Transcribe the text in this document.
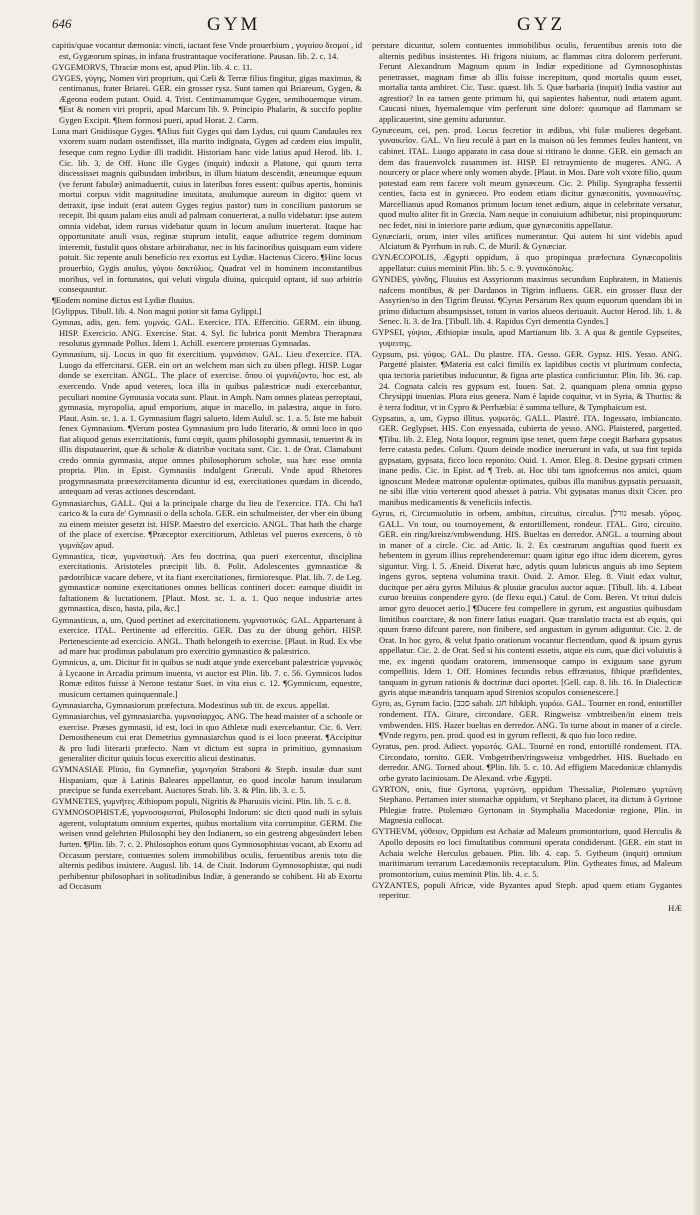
646	GYM	GYZ

capitis/quae vocantur dæmonia: vincti, iactant fese Vnde prouerbium , γυγαίου δεσμοί , id est, Gygæorum spinas, in infana frustrantaque vociferatione. Pausan. lib. 2. c. 14.

GYGEMORVS, Thraciæ mons est, apud Plin. lib. 4. c. 11.

GYGES, γύγης, Nomen viri proprium, qui Cæli & Terræ filius fingitur, gigas maximus, & centimanus, frater Briarei. GER. ein grosser rysz. Sunt tamen qui Briareum, Gygen, & Ægeona eodem putant. Ouid. 4. Trist. Centimanumque Gygen, semibouemque virum. ¶Est & nomen viri proprii, apud Marcum lib. 9. Principio Phalarin, & succifo poplite Gygen Excipit. ¶Item formosi pueri, apud Horat. 2. Carm.

Luna mari Gnidiisque Gyges. ¶Alius fuit Gyges qui dam Lydus, cui quum Candaules rex vxorem suam nudam ostendisset, illa marito indignata, Gygen ad cædem eius impulit, feseque cum regno Lydiæ illi tradidit. Historiam hanc vide latius apud Herod. lib. 1. Cic. lib. 3. de Off. Hunc ille Gyges (inquit) induxit a Platone, qui quum terra discessisset magnis quibusdam imbribus, in illum hiatum descendit, æneumque equum (ve ferunt fabulæ) animaduertit, cuius in lateribus fores essent: quibus apertis, hominis mortui corpus vidit magnitudine inusitata, anulumque aureum in digito: quem vt detraxit, ipse induit (erat autem Gyges regius pastor) tum in concilium pastorum se recepit. Ibi quum palam eius anuli ad palmam conuerterat, a nullo videbatur: ipse autem omnia videbat, idem rursus videbatur quum in locum anulum inuerterat. Itaque hac opportunitate anuli vsus, reginæ stuprum intulit, eaque adiutrice regem dominum interemit, fustulit quos obstare arbitrabatur, nec in his facinoribus quisquam eum videre potuit. Sic repente anuli beneficio rex exortus est Lydiæ. Hactenus Cicero. ¶Hinc locus prouerbio, Gygis anulus, γύγου δακτύλιος. Quadrat vel in hominem inconstantibus moribus, vel in fortunatos, qui veluti virgula diuina, quicquid optant, id suo arbitrio consequuntur.

¶Eodem nomine dictus est Lydiæ fluuius.

[Gylippus. Tibull. lib. 4. Non magni potior sit fama Gylippi.]

Gymnas, adis, gen. fem. γυμνάς. GAL. Exercice. ITA. Effercitio. GERM. ein übung. HISP. Exercicio. ANG. Exercise. Stat. 4. Syl. fic lubrica ponit Membra Therapnæa resolutus gymnade Pollux. Idem 1. Achill. exercere proteruas Gymnadas.

Gymnasium, sij. Locus in quo fit exercitium. γυμνάσιον. GAL. Lieu d'exercice. ITA. Luogo da effercitarsi. GER. ein ort an welchem man sich zu üben pflegt. HISP. Lugar donde se exercitan. ANGL. The place of exercise. ὄπου οἱ γυμνάζοντο, hoc est, ab exercendo. Vnde apud veteres, loca illa in quibus palæstricæ nudi exercebantur, peculiari nomine Gymnasia vocata sunt. Plaut. in Amph. Nam omnes plateas perreptaui, gymnasia, myropolia, apud emporium, atque in macello, in palæstra, atque in foro. Plaut. Asin. sc. 1. a. 1. Gymnasium flagri salueto. Idem Aulul. sc. 1. a. 5. Iste me habuit fenex Gymnasium. ¶Verum postea Gymnasium pro ludo literario, & omni loco in quo fiat aliquod genus exercitationis, fumi cœpit, quum philosophi gymnasii, tenuerint & in illis disputauerint, quæ & scholæ & diatribæ vocitata sunt. Cic. 1. de Orat. Clamabunt credo omnia gymnasia, atque omnes philosophorum scholæ, sua hæc esse omnia propria. Plin. in Epist. Gymnasiis indulgent Græculi. Vnde apud Rhetores progymnasmata præexercitamenta dicuntur id est, exercitationes quædam in dicendo, antequam ad veras actiones descendant.

Gymnasiarchus, GALL. Qui a la principale charge du lieu de l'exercice. ITA. Chi ha'l carico & la cura de' Gymnasii o della schola. GER. ein schulmeister, der vber ein übung zu einem meister gesetzt ist. HISP. Maestro del exercicio. ANGL. That hath the charge of the place of exercise. ¶Præceptor exercitiorum, Athletas vel pueros exercens, ὁ τὸ γυμνάζων apud.

Gymnastica, ticæ, γυμναστική. Ars feu doctrina, qua pueri exercentur, disciplina exercitationis. Aristoteles præcipit lib. 8. Polit. Adolescentes gymnasticæ & pædotribicæ vacare debere, vt ita fiant exercitationes, firmioresque. Plat. lib. 7. de Leg. gymnasticæ nomine exercitationes omnes bellicas contineri docet: eamque diuidit in faltationem & luctationem. [Plaut. Most. sc. 1. a. 1. Quo neque industriæ artes gymnastica, disco, hasta, pila, &c.]

Gymnasticus, a, um, Quod pertinet ad exercitationem. γυμναστικός. GAL. Appartenant à exercice. ITAL. Pertinente ad effercitio. GER. Das zu der übung gehört. HISP. Pertenesciente ad exercicio. ANGL. Thath belongeth to exercise. [Plaut. in Rud. Ex vbe ad mare huc prodimus pabulatum pro exercitio gymnastico & palæstrico.

Gymnicus, a, um. Dicitur fit in quibus se nudi atque ynde exercebant palæstricæ γυμνικός à Lycaone in Arcadia primum inuenta, vt auctor est Plin. lib. 7. c. 56. Gymnicos ludos Romæ editos fuisse à Nerone testatur Suet. in vita eius c. 12. ¶Gymnicum, equestre, musicum certamen quinquennale.]

Gymnasiarcha, Gymnasiorum præfectura. Modestinus sub tit. de excus. appellat.

Gymnasiarchus, vel gymnasiarcha. γυμνασίαρχος. ANG. The head maister of a schoole or exercise. Præses gymnasii, id est, loci in quo Athletæ nudi exercebantur. Cic. 6. Verr. Demostheneum cui erat Demetrius gymnasiarchus quod is ei loco præerat. ¶Accipitur & pro ludi literarii præfecto. Nam vt dictum est supra in primitiuo, gymnasium generaliter dicitur quiuis locus exercitio alicui destinatus.

GYMNASIAE Plinio, fiu Gymnefiæ, γυμνησίαι Straboni & Steph. insulæ duæ sunt Hispaniam, quæ à Latinis Baleares appellantur, eo quod incolæ harum insularum præcipue se funda exercebant. Auctores Strab. lib. 3. & Plin. lib. 3. c. 5.

GYMNETES, γυμνῆτες Æthiopum populi, Nigritis & Pharusiis vicini. Plin. lib. 5. c. 8.

GYMNOSOPHISTÆ, γυμνοσοφισταί, Philosophi Indorum: sic dicti quod nudi in syluis agerent, voluptatum omnium expertes, quibus mortalium vita corrumpitur. GERM. Die weisen vnnd gelehrten Philosophi bey den Indianern, so ein gestreng abgesündert leben furten. ¶Plin. lib. 7. c. 2. Philosophos eorum quos Gymnosophistas vocant, ab Exortu ad Occasum perstare, contuentes solem immobilibus oculis, feruentibus arenis toto die alternis pedibus insistere. Augusl. lib. 14. de Ciuit. Indorum Gymnosophistæ, qui nudi perhibentur philosophari in solitudinibus Indiæ, à generando se cohibent. Hi ab Exortu ad Occasum

perstare dicuntur, solem contuentes immobilibus oculis, feruentibus arenis toto die alternis pedibus insistentes. Hi frigora niuium, ac flammas citra dolorem perferunt. Ferunt Alexandrum Magnum quum in Indiæ expeditione ad Gymnosophistas penetrasset, magnam fimæ ab illis fuisse increpitum, quod mortalis quum esset, mortalia tanta ambiret. Cic. Tusc. quæst. lib. 5. Quæ barbaria (inquit) India vastior aut agrestior? In ea tamen gente primum hi, qui sapientes habentur, nudi ætatem agunt. Caucasi niues, hyemalemque vim perferunt sine dolore: quumque ad flammam se applicauerint, sine gemitu aduruntur.

Gynæceum, cei, pen. prod. Locus fecretior in ædibus, vbi folæ mulieres degebant. γυναικεῖον. GAL. Vn lieu reculé à part en la maison où les femmes feules hantent, vn cabinet. ITAL. Luogo apparato in casa doue si ritirano le donne. GER. ein gemach an dem das frauenvolck zusammen ist. HISP. El retraymiento de mugeres. ANG. A nourcery or place where only women abyde. [Plaut. in Mos. Dare volt vxore filio, quum potestad eam rem facere volt meum gynæceum. Cic. 2. Philip. Syngrapha fessertii centies, facta est in gynæceo. Pro eodem etiam dicitur gynæconitis, γυναικωνῖτις. Marcellianus apud Romanos primum locum tenet ædium, atque in celebritate versatur, quod multo aliter fit in Græcia. Nam neque in conuiuium adhibetur, nisi propinquorum: nec fedet, nisi in interiore parte ædium, quæ gynæconitis appellatur.

Gynæciarii, orum, inter viles artifices numerantur. Qui autem hi sint videbis apud Alciatum & Pyrrhum in rub. C. de Muril. & Gynæciar.

GYNÆCOPOLIS, Ægypti oppidum, à quo propinqua præfectura Gynæcopolitis appellatur: cuius meminit Plin. lib. 5. c. 9. γυναικόπολις.

GYNDES, γύνδης, Fluuius est Assyriorum maximus secundum Euphratem, in Matienis nafcens montibus, & per Dardanos in Tigrim influens. GER. ein grosser flusz der Assyrien/so in den Tigrim fleusst. ¶Cyrus Persarum Rex quum equorum quendam ibi in primo diductum absumpsisset, totum in varios alueos deriuauit. Auctor Herod. lib. 1. & Senec. li. 3. de Ira. [Tibull. lib. 4. Rapidus Cyri dementia Gyndes.]

GYPSEI, γύψιοι, Æthiopiæ insula, apud Martianum lib. 3. A qua & gentile Gypseites, γυψειτης.

Gypsum, psi. γύψος. GAL. Du plastre. ITA. Gesso. GER. Gypsz. HIS. Yesso. ANG. Pargetté plaister. ¶Materia est calci fimilis ex lapidibus coctis vt plurimum confecta, qua tectoria parietibus inducuntur, & figna arte plastica conficiuntur. Plin. lib. 36. cap. 24. Cognata calcis res gypsum est. Iuuen. Sat. 2. quanquam plena omnia gypso Chrysippi inuenias. Plura eius genera. Nam è lapide coquitur, vt in Syria, & Thuriis: & è terra foditur, vt in Cypro & Perrhæbia: è summa tellure, & Tymphaicum est.

Gypsatus, a, um, Gypso illitus. γυψωτός. GALL. Plastré. ITA. Ingessato, imbiancato. GER. Geglypset. HIS. Con enyessada, cubierta de yesso. ANG. Plaistered, pargetted. ¶Tibu. lib. 2. Eleg. Nota loquor, regnum ipse tenet, quem fæpe coegit Barbara gypsatos ferre catasta pedes. Colum. Quum deinde modice ineruerunt in vafa, ut sua fint tepida gypsatam, gypsata, ficco loco reponito. Ouid. 1. Amor. Eleg. 8. Desine gypsati crimen inane pedis. Cic. in Epist. ad ¶ Treb. at. Hoc tibi tam ignofcemus nos amici, quam ignoscunt Medeæ matronæ opulentæ optimates, quibus illa manibus gypsatis persuasit, ne sibi illæ vitio verterent quod abesset à patria. Vbi gypsatas manus dixit Cicer. pro manibus medicamentis & veneficiis infectis.

Gyrus, ri, Circumuolutio in orbem, ambitus, circuitus, circulus. [גורל mesab. γῦρος. GALL. Vn tour, ou tournoyement, & entortillement, rondeur. ITAL. Giro, circuito. GER. ein ring/kreisz/vmbwendung. HIS. Bueltas en derredor. ANGL. a tourning about in maner of a circle. Cic. ad Attic. li. 2. Ex cæstrarum anguftias quod fuerit ex hebentem in gyrum illius reprehenderemur: quam igitur ego iftuc idem dicerem, gyros siguntur. Virg. l. 5. Æneid. Dixerat hæc, adytis quum lubricus anguis ab imo Septem ingens gyros, septena volumina traxit. Ouid. 2. Amor. Eleg. 8. Viuit edax vultur, ducitque per aëra gyros Miluius & pluuiæ graculus auctor aquæ. [Tibull. lib. 4. Libeat curuo breuius conpendere gyro. (de flexu equi.) Catul. de Com. Beren. Vt tritui dulcis amor gyro deuocet aerio.] ¶Ducere feu compellere in gyrum, est angustius quibusdam limitibus coarctare, & non finere latius euagari. Quæ translatio tracta est ab equis, qui quum fræno difcunt parere, non finibere, sed angustum in gyrum adiguntur. Cic. 2. de Orat. In hoc gyro, & velut fpatio oratiorum vocantur flectendum, quod & ipsum gyrus appellatur. Cic. 2. de Orat. Sed si his contenti essetis, atque eis cum, quæ dici voluistis à me, ex ingenti quodam oratorem, immensoque campo in exiguum sane gyrum compellitis. Idem 1. Off. Homines fecundis rebus effrænatos, fibique præfidentes, tanquam in gyrum rationis & doctrinæ duci oportet. [Gell. cap. 8. lib. 16. In Dialecticæ gyris atque mæandris tanquam apud Sirenios scopulos consenescere.]

Gyro, as, Gyrum facio. [סבב sabab. חגג hibkiph. γυρόω. GAL. Tourner en rond, entortiller rondement. ITA. Girare, circondare. GER. Ringweisz vmbtreiben/in einem treis vmbwenden. HIS. Hazer bueltas en derredor. ANG. To turne about in maner of a circle. ¶Vnde regyro, pen. prod. quod est in gyrum reflecti, & quo fuo loco redire.

Gyratus, pen. prod. Adiect. γυρωτός. GAL. Tourné en rond, entortillé rondement. ITA. Circondato, tornito. GER. Vmbgetriben/ringsweisz vmbgedrhet. HIS. Bueltado en derredor. ANG. Torned about. ¶Plin. lib. 5. c. 10. Ad effigiem Macedonicæ chlamydis orbe gyrato laciniosam. De Alexand. vrbe Ægypti.

GYRTON, onis, fiue Gyrtona, γυρτώνη, oppidum Thessaliæ, Ptolemæo γυρτώνη Stephano. Pertamen inter stomachæ oppidum, vt Stephano placet, ita dictum à Gyrtone Phlegiæ fratre. Ptolemæo Gyrtonam in Stymphalia Macedoniæ regione, Plin. in Magnesia collocat.

GYTHEVM, γύθειον, Oppidum est Achaiæ ad Maleum promontorium, quod Herculis & Apollo deposits eo loci fimultatibus communi operata condiderunt. [GER. ein statt in Achaia welche Herculus gebauen. Plin. lib. 4. cap. 5. Gytheum (inquit) omnium maritimarum terrarum Lacedæmoniis receptaculum. Plin. Gytheates finus, ad Maleum promontorium, cuius meminit Plin. lib. 4. c. 5.

GYZANTES, populi Africæ, vide Byzantes apud Steph. apud quem etiam Gygantes reperitur.

HÆ
